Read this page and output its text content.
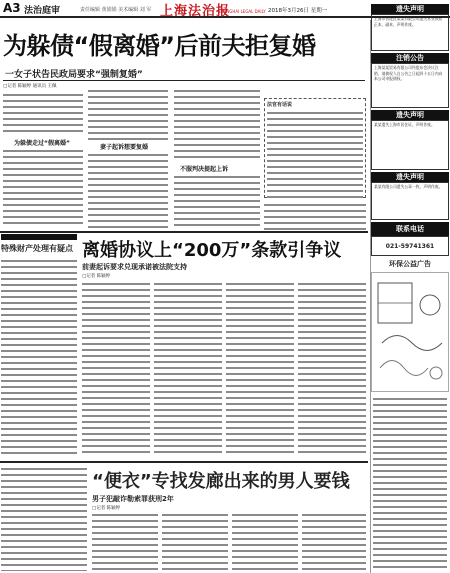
A3 法治庭审	责任编辑 黄娟娟 美术编辑 刘 军 上海法治报
SHANGHAI LEGAL DAILY 2018年3月26日 星期一
为躲债“假离婚”后前夫拒复婚
一女子状告民政局要求“强制复婚”
□记者 陈颖婷 通讯员 王佩
为躲债走过“假离婚”
妻子起诉想要复婚
不服判决提起上诉
法官有话说
特殊财产处理有疑点 离婚协议上“200万”条款引争议
前妻起诉要求兑现承诺被法院支持
□记者 陈颖婷
“便衣”专找发廊出来的男人要钱
男子犯敲诈勒索罪获刑2年
□记者 陈颖婷
遗失声明
上海市普陀区某某有限公司遗失营业执照正本、副本，声明作废。
注销公告
上海某某贸易有限公司经股东会决议注销，请债权人自公告之日起四十五日内向本公司申报债权。
遗失声明
某某遗失上海市居住证，声明作废。
遗失声明
某某有限公司遗失公章一枚，声明作废。
联系电话
021-59741361
环保公益广告
